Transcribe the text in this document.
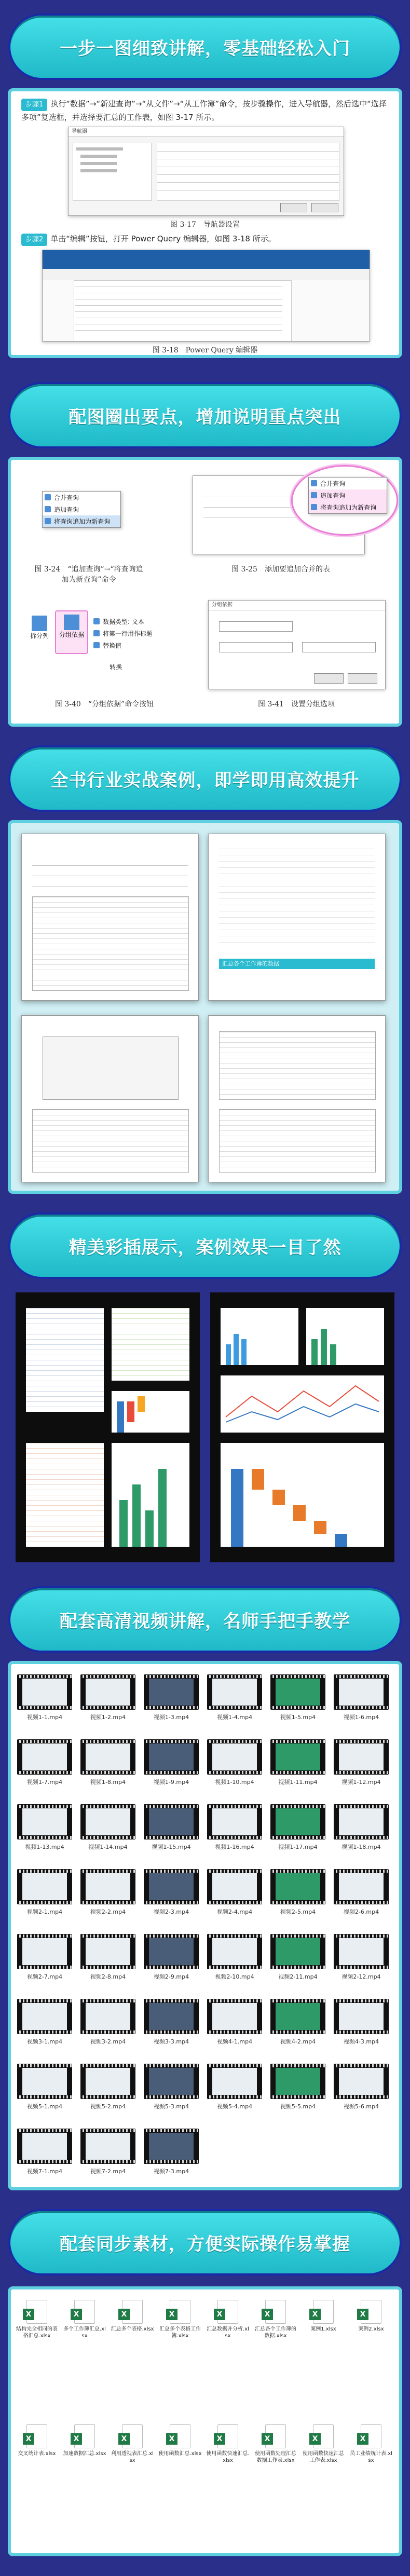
一步一图细致讲解，零基础轻松入门
步骤1 执行“数据”→“新建查询”→“从文件”→“从工作簿”命令，按步骤操作，进入导航器，然后选中“选择多项”复选框，并选择要汇总的工作表，如图 3-17 所示。
导航器
图 3-17　导航器设置
步骤2 单击“编辑”按钮，打开 Power Query 编辑器，如图 3-18 所示。
图 3-18　Power Query 编辑器
配图圈出要点，增加说明重点突出
合并查询
追加查询
将查询追加为新查询
图 3-24　“追加查询”→“将查询追加为新查询”命令
合并查询
追加查询
将查询追加为新查询
图 3-25　添加要追加合并的表
拆分列	分组依据
数据类型: 文本
将第一行用作标题
替换值
转换
图 3-40　“分组依据”命令按钮
分组依据
图 3-41　设置分组选项
全书行业实战案例，即学即用高效提升
汇总各个工作簿的数据
精美彩插展示，案例效果一目了然
配套高清视频讲解，名师手把手教学
视频1-1.mp4	视频1-2.mp4	视频1-3.mp4	视频1-4.mp4	视频1-5.mp4	视频1-6.mp4
视频1-7.mp4	视频1-8.mp4	视频1-9.mp4	视频1-10.mp4	视频1-11.mp4	视频1-12.mp4
视频1-13.mp4	视频1-14.mp4	视频1-15.mp4	视频1-16.mp4	视频1-17.mp4	视频1-18.mp4
视频2-1.mp4	视频2-2.mp4	视频2-3.mp4	视频2-4.mp4	视频2-5.mp4	视频2-6.mp4
视频2-7.mp4	视频2-8.mp4	视频2-9.mp4	视频2-10.mp4	视频2-11.mp4	视频2-12.mp4
视频3-1.mp4	视频3-2.mp4	视频3-3.mp4	视频4-1.mp4	视频4-2.mp4	视频4-3.mp4
视频5-1.mp4	视频5-2.mp4	视频5-3.mp4	视频5-4.mp4	视频5-5.mp4	视频5-6.mp4
视频7-1.mp4	视频7-2.mp4	视频7-3.mp4
配套同步素材，方便实际操作易掌握
X
结构完全相同的表格汇总.xlsx
X
多个工作簿汇总.xlsx
X
汇总多个表格.xlsx
X
汇总多个表格工作簿.xlsx
X
汇总数据并分析.xlsx
X
汇总各个工作簿的数据.xlsx
X
案例1.xlsx
X
案例2.xlsx
X
交叉统计表.xlsx
X
加速数据汇总.xlsx
X
利用透视表汇总.xlsx
X
使用函数汇总.xlsx
X
使用函数快速汇总.xlsx
X
使用函数处理汇总数据工作表.xlsx
X
使用函数快速汇总工作表.xlsx
X
员工业绩统计表.xlsx
